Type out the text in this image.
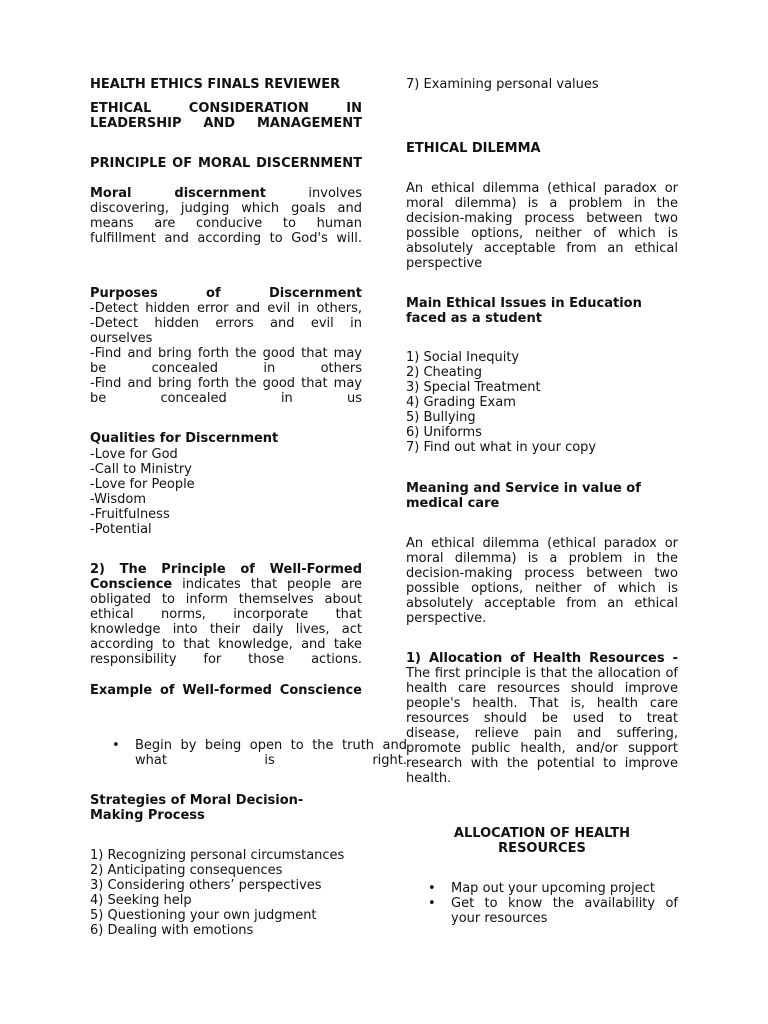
HEALTH ETHICS FINALS REVIEWER
ETHICAL CONSIDERATION IN LEADERSHIP AND MANAGEMENT
PRINCIPLE OF MORAL DISCERNMENT
Moral discernment	involves discovering, judging which goals and means are conducive to human fulfillment and according to God's will.
Purposes of Discernment

-Detect hidden error and evil in others,

-Detect hidden errors and evil in ourselves

-Find and bring forth the good that may be concealed in others

-Find and bring forth the good that may be concealed in us

Qualities for Discernment

-Love for God

-Call to Ministry

-Love for People

-Wisdom

-Fruitfulness

-Potential

2) The Principle of Well-Formed Conscience indicates that people are obligated to inform themselves about ethical norms, incorporate that knowledge into their daily lives, act according to that knowledge, and take responsibility for those actions.
Example of Well-formed Conscience
• Begin by being open to the truth and what is right.
Strategies of Moral Decision-Making Process

1) Recognizing personal circumstances

2) Anticipating consequences

3) Considering others’ perspectives

4) Seeking help

5) Questioning your own judgment

6) Dealing with emotions

7) Examining personal values
ETHICAL DILEMMA
An ethical dilemma (ethical paradox or moral dilemma) is a problem in the decision-making process between two possible options, neither of which is absolutely acceptable from an ethical perspective
Main Ethical Issues in Education faced as a student

1) Social Inequity

2) Cheating

3) Special Treatment

4) Grading Exam

5) Bullying

6) Uniforms

7) Find out what in your copy

Meaning and Service in value of medical care
An ethical dilemma (ethical paradox or moral dilemma) is a problem in the decision-making process between two possible options, neither of which is absolutely acceptable from an ethical perspective.
1) Allocation of Health Resources - The first principle is that the allocation of health care resources should improve people's health. That is, health care resources should be used to treat disease, relieve pain and suffering, promote public health, and/or support research with the potential to improve health.
ALLOCATION OF HEALTH RESOURCES

• Map out your upcoming project

• Get to know the availability of your resources
